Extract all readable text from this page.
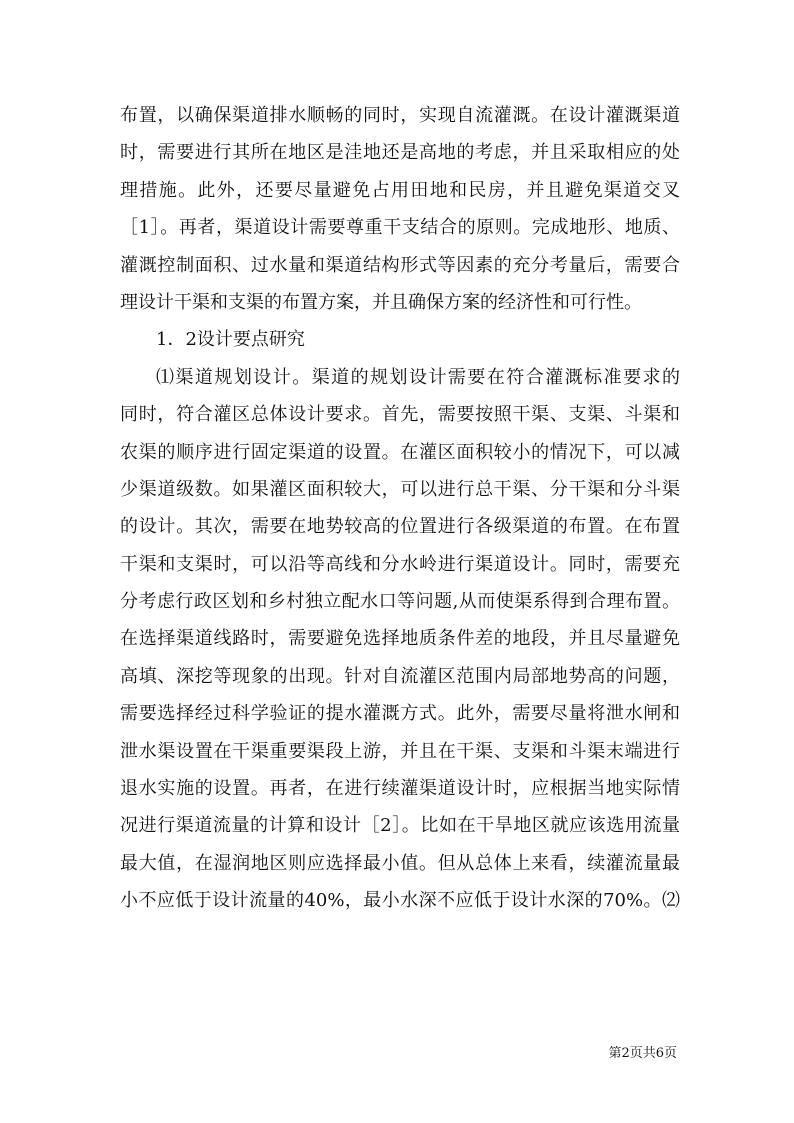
布置，以确保渠道排水顺畅的同时，实现自流灌溉。在设计灌溉渠道
时，需要进行其所在地区是洼地还是高地的考虑，并且采取相应的处
理措施。此外，还要尽量避免占用田地和民房，并且避免渠道交叉
［1］。再者，渠道设计需要尊重干支结合的原则。完成地形、地质、
灌溉控制面积、过水量和渠道结构形式等因素的充分考量后，需要合
理设计干渠和支渠的布置方案，并且确保方案的经济性和可行性。
1．2设计要点研究
⑴渠道规划设计。渠道的规划设计需要在符合灌溉标准要求的
同时，符合灌区总体设计要求。首先，需要按照干渠、支渠、斗渠和
农渠的顺序进行固定渠道的设置。在灌区面积较小的情况下，可以减
少渠道级数。如果灌区面积较大，可以进行总干渠、分干渠和分斗渠
的设计。其次，需要在地势较高的位置进行各级渠道的布置。在布置
干渠和支渠时，可以沿等高线和分水岭进行渠道设计。同时，需要充
分考虑行政区划和乡村独立配水口等问题,从而使渠系得到合理布置。
在选择渠道线路时，需要避免选择地质条件差的地段，并且尽量避免
高填、深挖等现象的出现。针对自流灌区范围内局部地势高的问题，
需要选择经过科学验证的提水灌溉方式。此外，需要尽量将泄水闸和
泄水渠设置在干渠重要渠段上游，并且在干渠、支渠和斗渠末端进行
退水实施的设置。再者，在进行续灌渠道设计时，应根据当地实际情
况进行渠道流量的计算和设计［2］。比如在干旱地区就应该选用流量
最大值，在湿润地区则应选择最小值。但从总体上来看，续灌流量最
小不应低于设计流量的40%，最小水深不应低于设计水深的70%。⑵
第2页共6页
